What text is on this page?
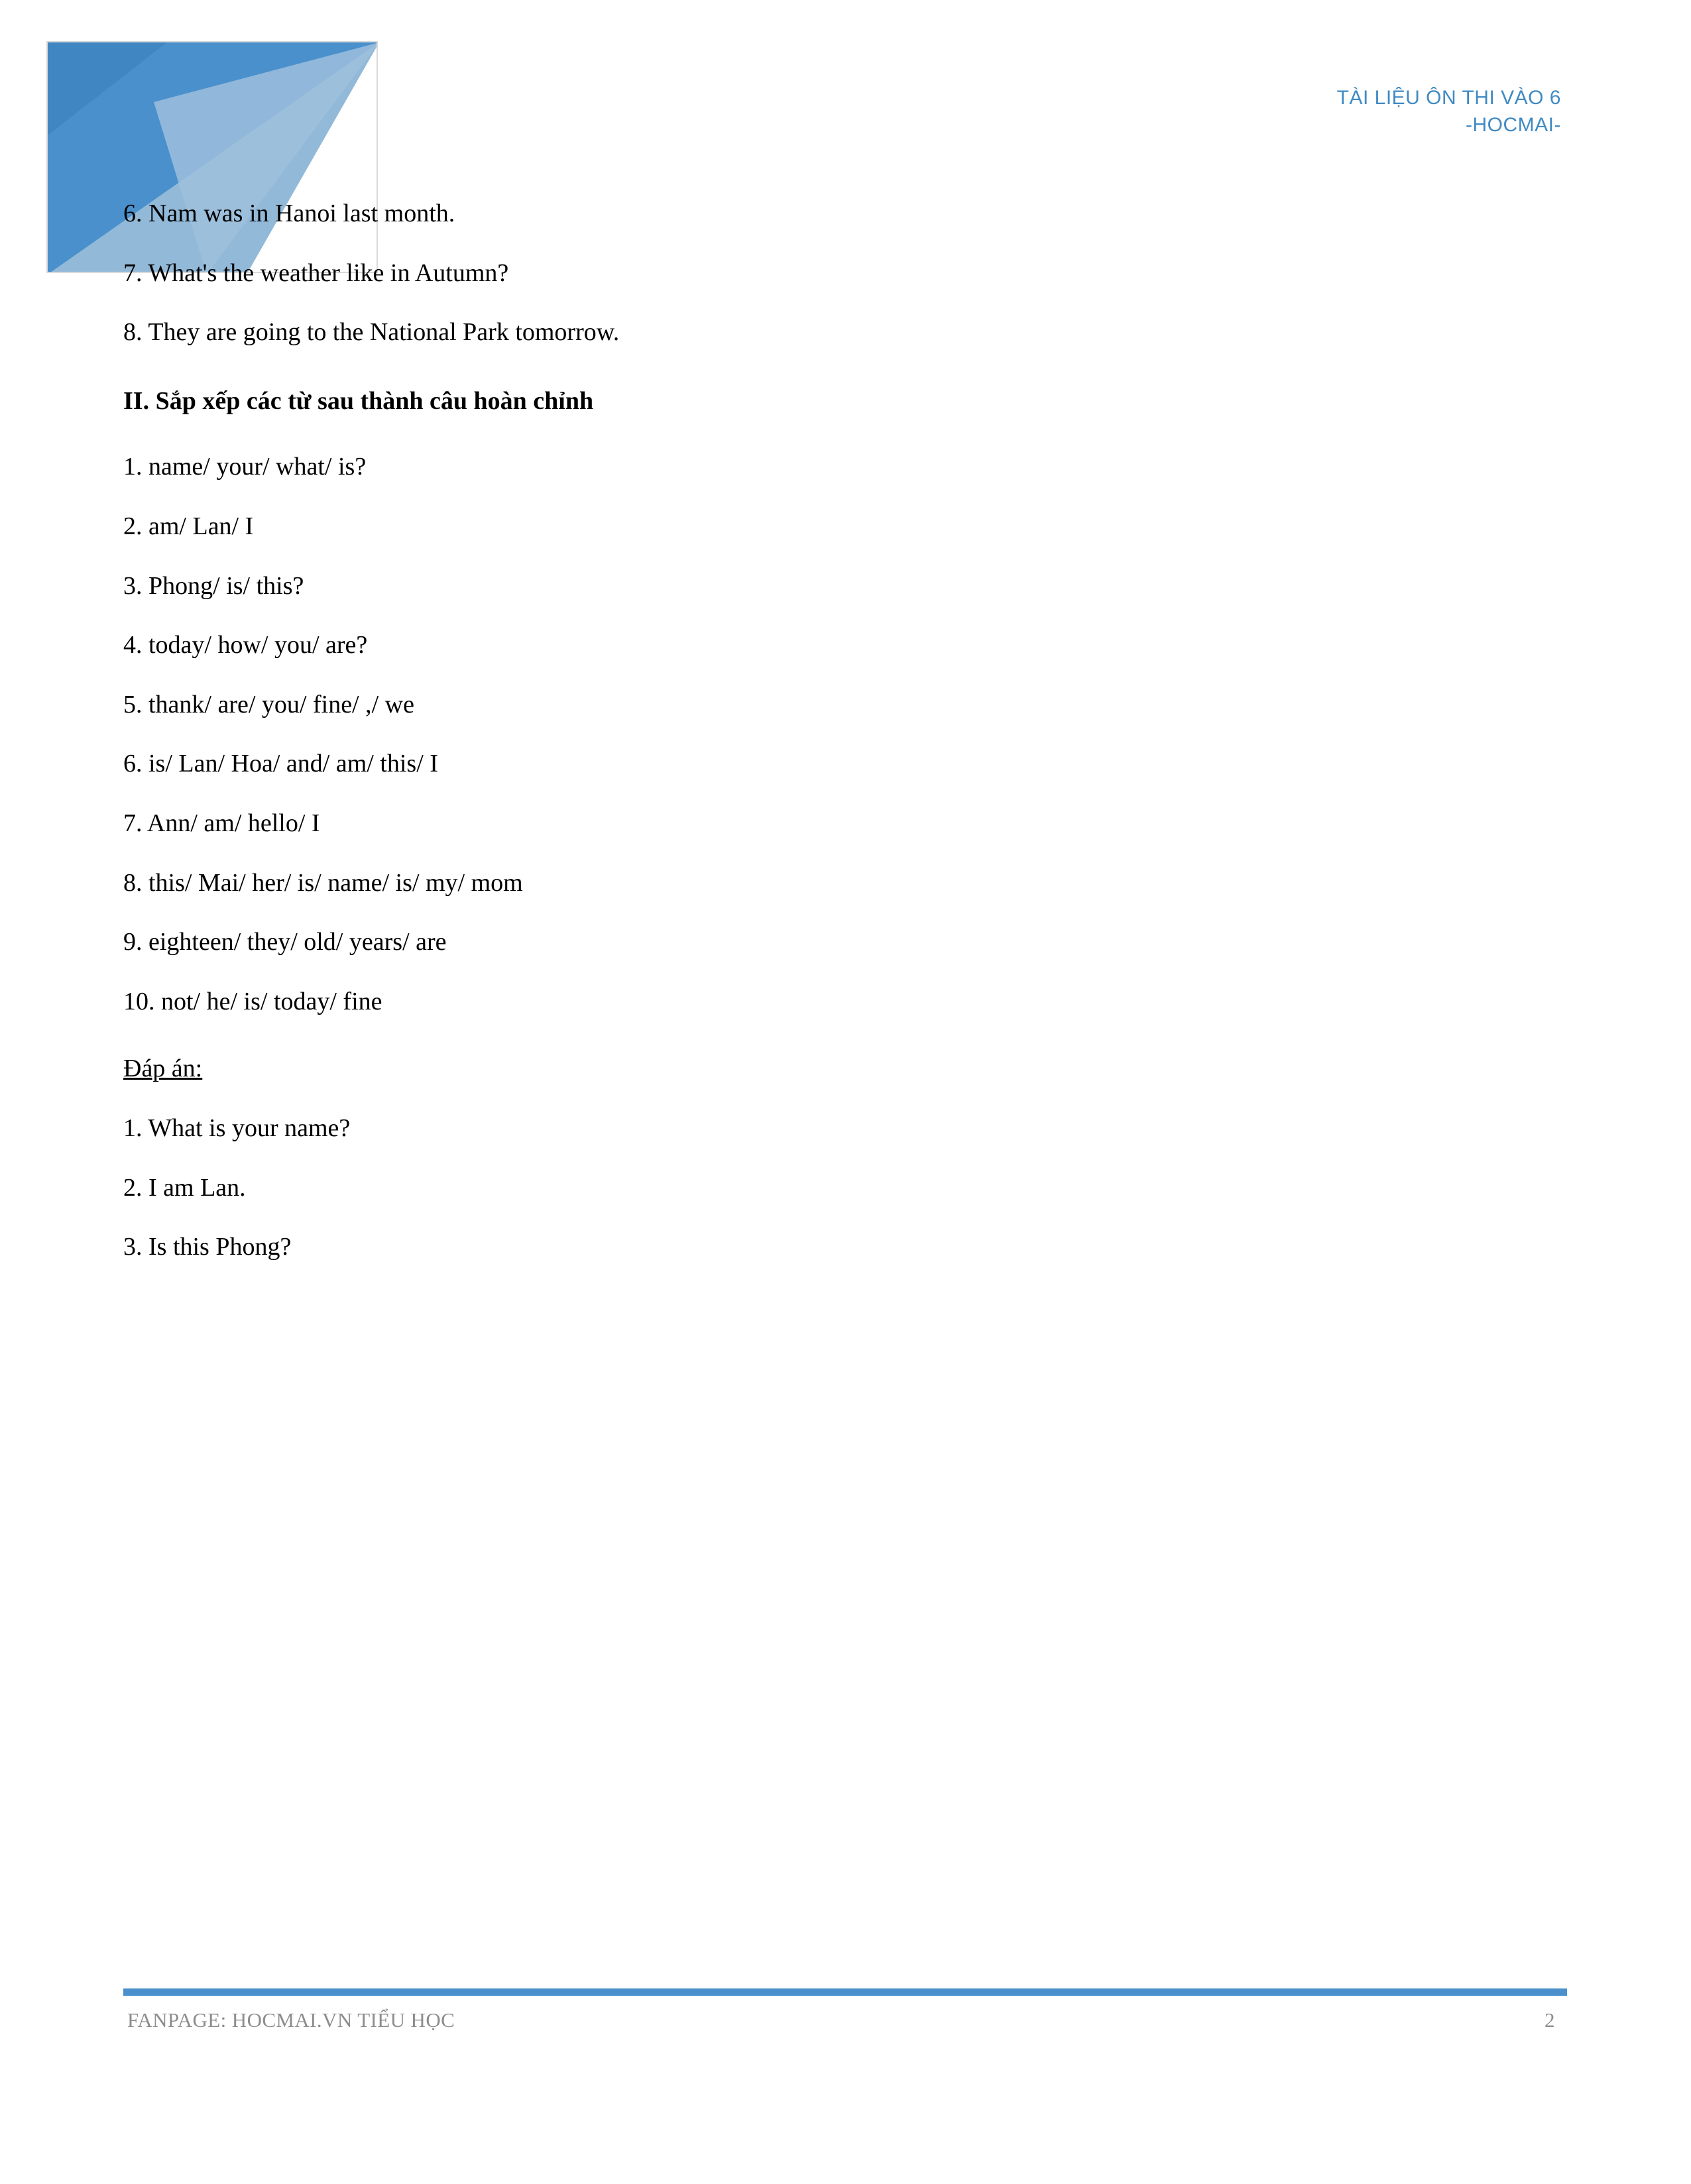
TÀI LIỆU ÔN THI VÀO 6
-HOCMAI-

6. Nam was in Hanoi last month.

7. What's the weather like in Autumn?

8. They are going to the National Park tomorrow.

II. Sắp xếp các từ sau thành câu hoàn chỉnh

1. name/ your/ what/ is?

2. am/ Lan/ I

3. Phong/ is/ this?

4. today/ how/ you/ are?

5. thank/ are/ you/ fine/ ,/ we

6. is/ Lan/ Hoa/ and/ am/ this/ I

7. Ann/ am/ hello/ I

8. this/ Mai/ her/ is/ name/ is/ my/ mom

9. eighteen/ they/ old/ years/ are

10. not/ he/ is/ today/ fine

Đáp án:

1. What is your name?

2. I am Lan.

3. Is this Phong?

FANPAGE: HOCMAI.VN TIỂU HỌC	2
